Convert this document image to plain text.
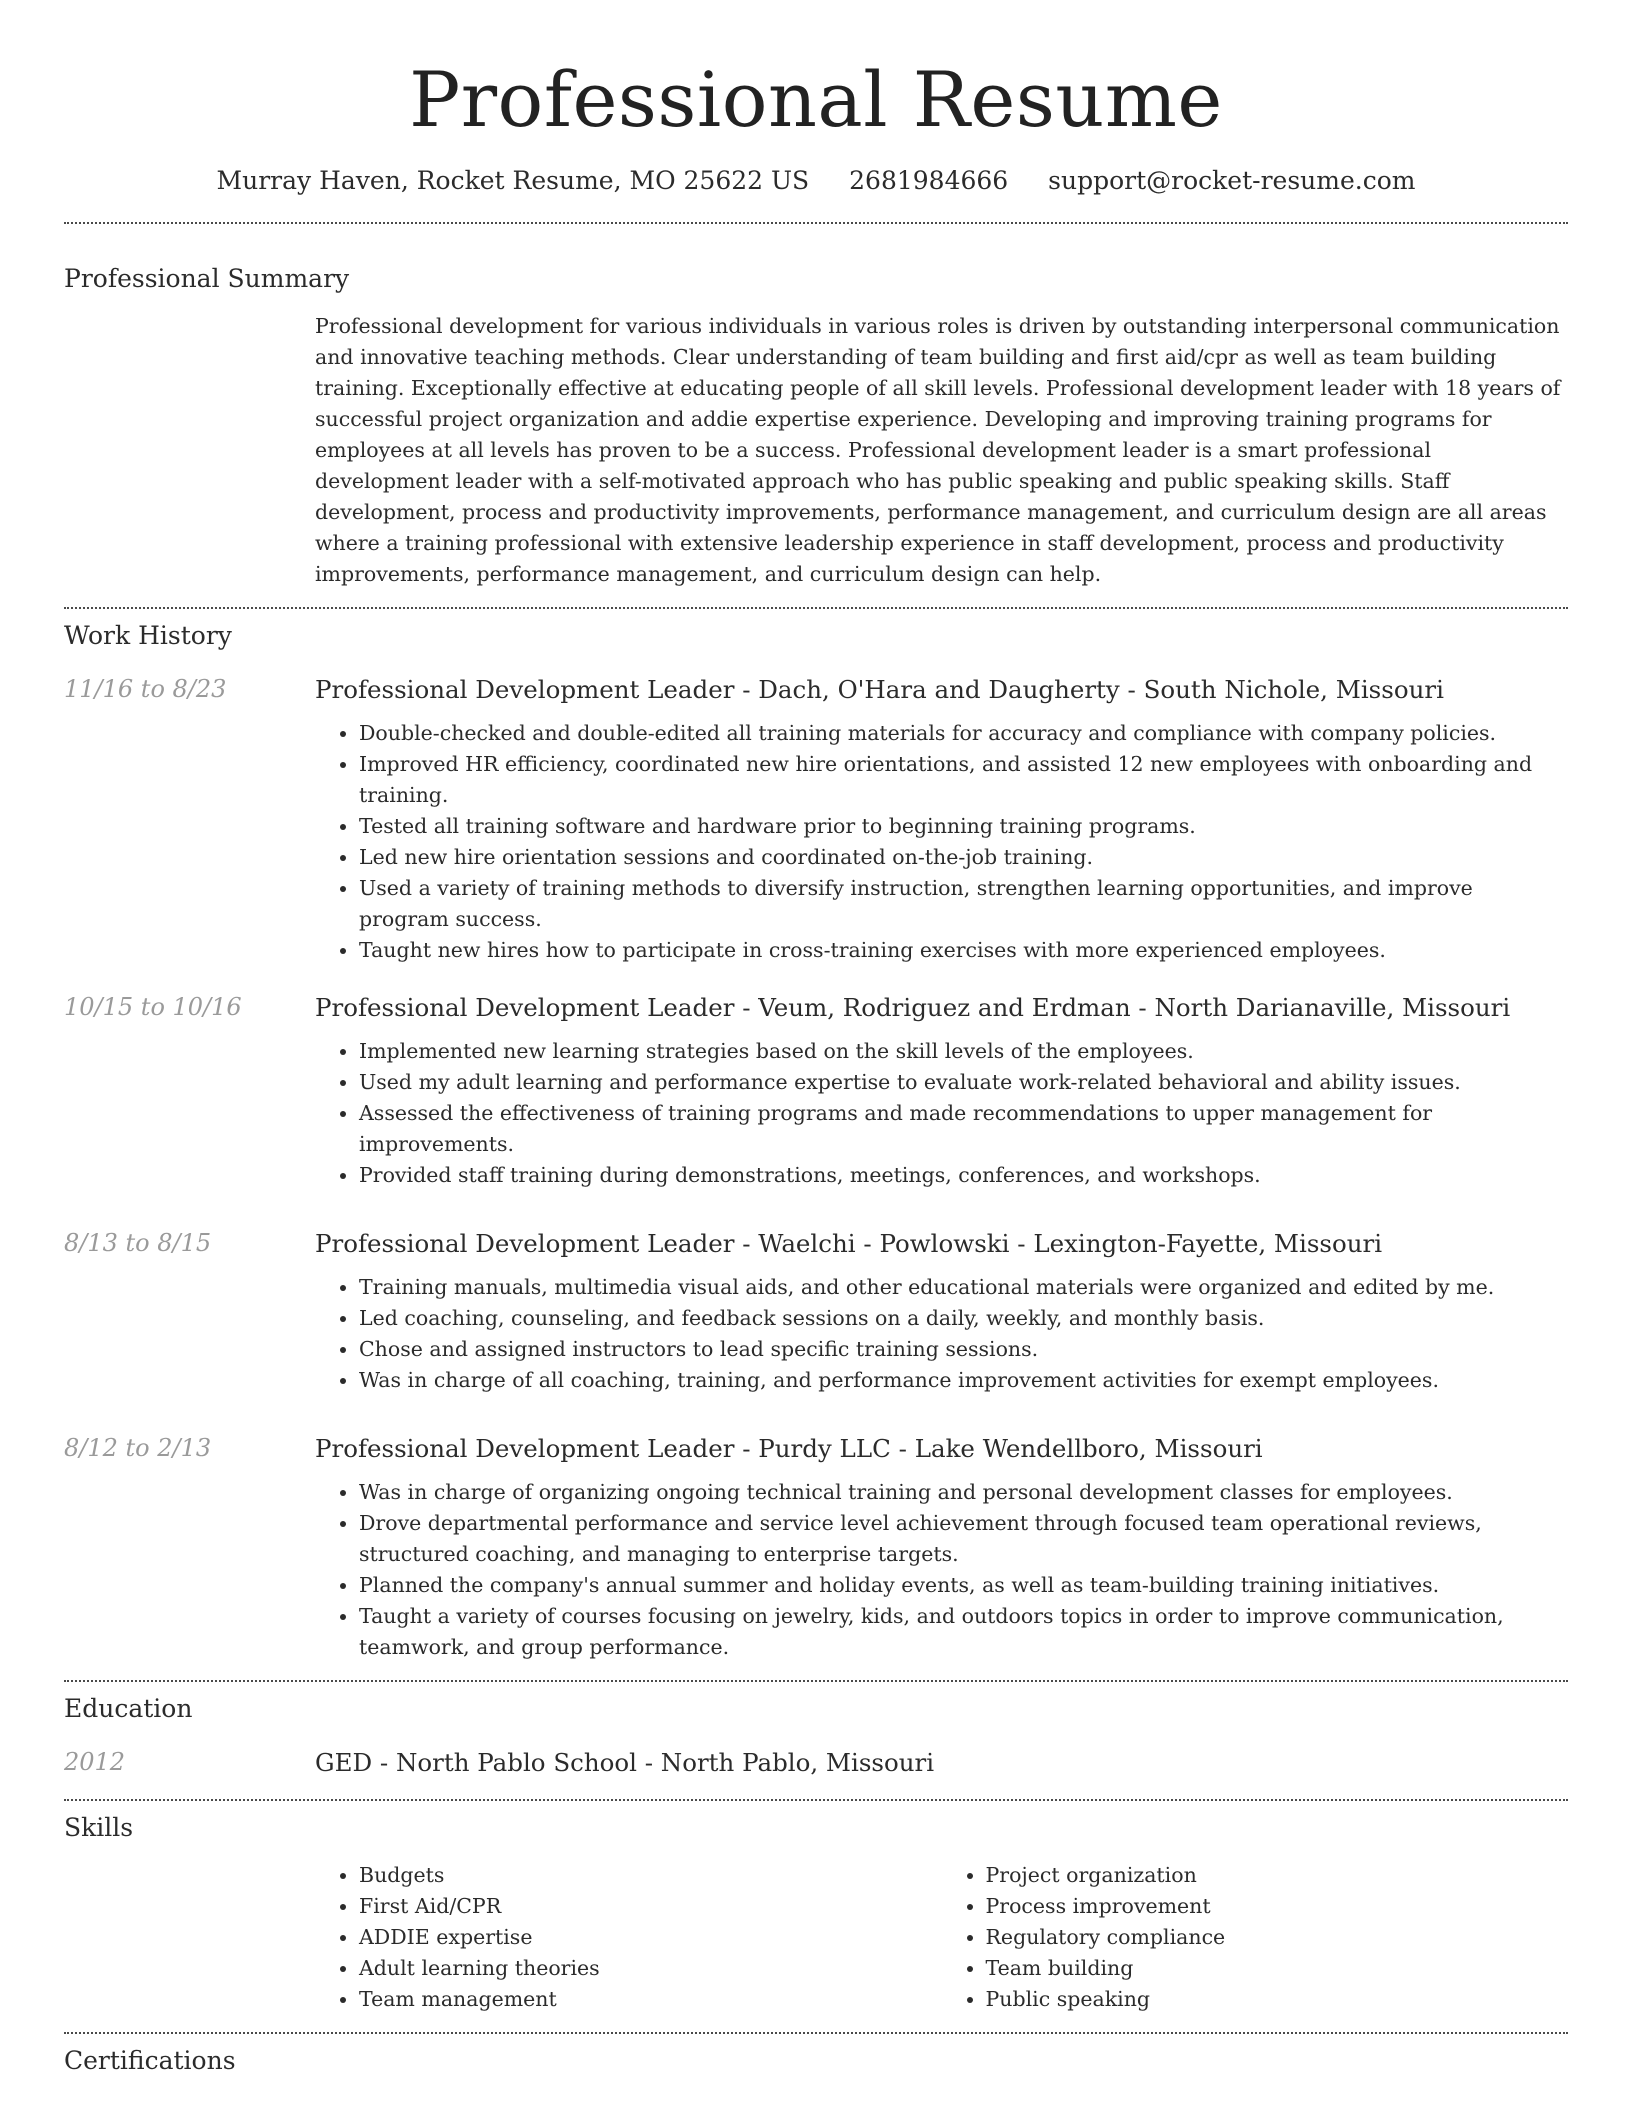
Professional Resume
Murray Haven, Rocket Resume, MO 25622 US 2681984666 support@rocket-resume.com
Professional Summary
Professional development for various individuals in various roles is driven by outstanding interpersonal communication and innovative teaching methods. Clear understanding of team building and first aid/cpr as well as team building training. Exceptionally effective at educating people of all skill levels. Professional development leader with 18 years of successful project organization and addie expertise experience. Developing and improving training programs for employees at all levels has proven to be a success. Professional development leader is a smart professional development leader with a self-motivated approach who has public speaking and public speaking skills. Staff development, process and productivity improvements, performance management, and curriculum design are all areas where a training professional with extensive leadership experience in staff development, process and productivity improvements, performance management, and curriculum design can help.
Work History
11/16 to 8/23	Professional Development Leader - Dach, O'Hara and Daugherty - South Nichole, Missouri
• Double-checked and double-edited all training materials for accuracy and compliance with company policies.
• Improved HR efficiency, coordinated new hire orientations, and assisted 12 new employees with onboarding and training.
• Tested all training software and hardware prior to beginning training programs.
• Led new hire orientation sessions and coordinated on-the-job training.
• Used a variety of training methods to diversify instruction, strengthen learning opportunities, and improve program success.
• Taught new hires how to participate in cross-training exercises with more experienced employees.
10/15 to 10/16	Professional Development Leader - Veum, Rodriguez and Erdman - North Darianaville, Missouri
• Implemented new learning strategies based on the skill levels of the employees.
• Used my adult learning and performance expertise to evaluate work-related behavioral and ability issues.
• Assessed the effectiveness of training programs and made recommendations to upper management for improvements.
• Provided staff training during demonstrations, meetings, conferences, and workshops.
8/13 to 8/15	Professional Development Leader - Waelchi - Powlowski - Lexington-Fayette, Missouri
• Training manuals, multimedia visual aids, and other educational materials were organized and edited by me.
• Led coaching, counseling, and feedback sessions on a daily, weekly, and monthly basis.
• Chose and assigned instructors to lead specific training sessions.
• Was in charge of all coaching, training, and performance improvement activities for exempt employees.
8/12 to 2/13	Professional Development Leader - Purdy LLC - Lake Wendellboro, Missouri
• Was in charge of organizing ongoing technical training and personal development classes for employees.
• Drove departmental performance and service level achievement through focused team operational reviews, structured coaching, and managing to enterprise targets.
• Planned the company's annual summer and holiday events, as well as team-building training initiatives.
• Taught a variety of courses focusing on jewelry, kids, and outdoors topics in order to improve communication, teamwork, and group performance.
Education
2012	GED - North Pablo School - North Pablo, Missouri
Skills
• Budgets
• First Aid/CPR
• ADDIE expertise
• Adult learning theories
• Team management
• Project organization
• Process improvement
• Regulatory compliance
• Team building
• Public speaking
Certifications
